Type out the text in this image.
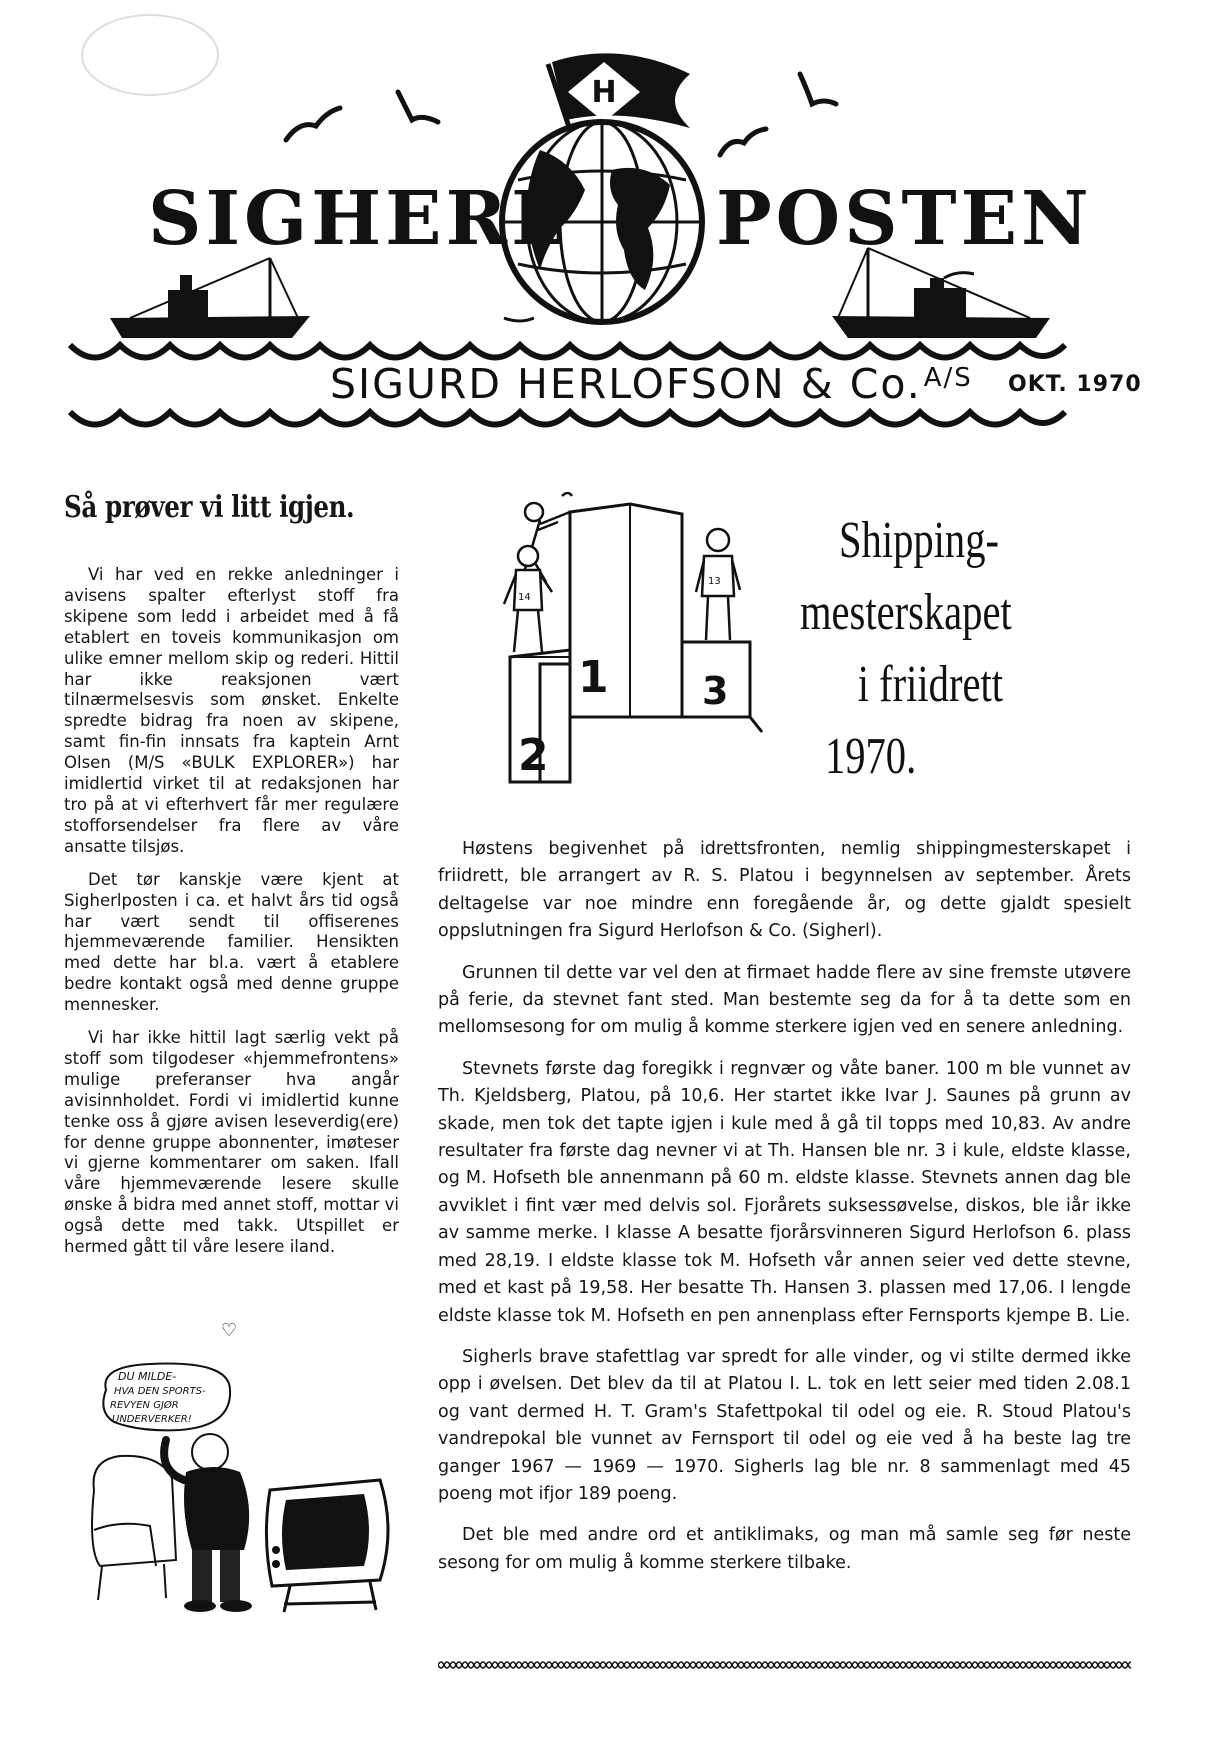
SIGHERL POSTEN
H
SIGURD HERLOFSON & Co.$^{A/S}$ OKT. 1970
Så prøver vi litt igjen.

Vi har ved en rekke anledninger i avisens spalter efterlyst stoff fra skipene som ledd i arbeidet med å få etablert en toveis kommunikasjon om ulike emner mellom skip og rederi. Hittil har ikke reaksjonen vært tilnærmelsesvis som ønsket. Enkelte spredte bidrag fra noen av skipene, samt fin-fin innsats fra kaptein Arnt Olsen (M/S «BULK EXPLORER») har imidlertid virket til at redaksjonen har tro på at vi efterhvert får mer regulære stofforsendelser fra flere av våre ansatte tilsjøs.

Det tør kanskje være kjent at Sigherlposten i ca. et halvt års tid også har vært sendt til offiserenes hjemmeværende familier. Hensikten med dette har bl.a. vært å etablere bedre kontakt også med denne gruppe mennesker.

Vi har ikke hittil lagt særlig vekt på stoff som tilgodeser «hjemmefrontens» mulige preferanser hva angår avisinnholdet. Fordi vi imidlertid kunne tenke oss å gjøre avisen leseverdig(ere) for denne gruppe abonnenter, imøteser vi gjerne kommentarer om saken. Ifall våre hjemmeværende lesere skulle ønske å bidra med annet stoff, mottar vi også dette med takk. Utspillet er hermed gått til våre lesere iland.

♡
DU MILDE-
HVA DEN SPORTS-
REVYEN GJØR
UNDERVERKER!
1
2
3
14
13
Shipping-
mesterskapet
i friidrett
1970.

Høstens begivenhet på idrettsfronten, nemlig shippingmesterskapet i friidrett, ble arrangert av R. S. Platou i begynnelsen av september. Årets deltagelse var noe mindre enn foregående år, og dette gjaldt spesielt oppslutningen fra Sigurd Herlofson & Co. (Sigherl).

Grunnen til dette var vel den at firmaet hadde flere av sine fremste utøvere på ferie, da stevnet fant sted. Man bestemte seg da for å ta dette som en mellomsesong for om mulig å komme sterkere igjen ved en senere anledning.

Stevnets første dag foregikk i regnvær og våte baner. 100 m ble vunnet av Th. Kjeldsberg, Platou, på 10,6. Her startet ikke Ivar J. Saunes på grunn av skade, men tok det tapte igjen i kule med å gå til topps med 10,83. Av andre resultater fra første dag nevner vi at Th. Hansen ble nr. 3 i kule, eldste klasse, og M. Hofseth ble annenmann på 60 m. eldste klasse. Stevnets annen dag ble avviklet i fint vær med delvis sol. Fjorårets suksessøvelse, diskos, ble iår ikke av samme merke. I klasse A besatte fjorårsvinneren Sigurd Herlofson 6. plass med 28,19. I eldste klasse tok M. Hofseth vår annen seier ved dette stevne, med et kast på 19,58. Her besatte Th. Hansen 3. plassen med 17,06. I lengde eldste klasse tok M. Hofseth en pen annenplass efter Fernsports kjempe B. Lie.

Sigherls brave stafettlag var spredt for alle vinder, og vi stilte dermed ikke opp i øvelsen. Det blev da til at Platou I. L. tok en lett seier med tiden 2.08.1 og vant dermed H. T. Gram's Stafettpokal til odel og eie. R. Stoud Platou's vandrepokal ble vunnet av Fernsport til odel og eie ved å ha beste lag tre ganger 1967 — 1969 — 1970. Sigherls lag ble nr. 8 sammenlagt med 45 poeng mot ifjor 189 poeng.

Det ble med andre ord et antiklimaks, og man må samle seg før neste sesong for om mulig å komme sterkere tilbake.
